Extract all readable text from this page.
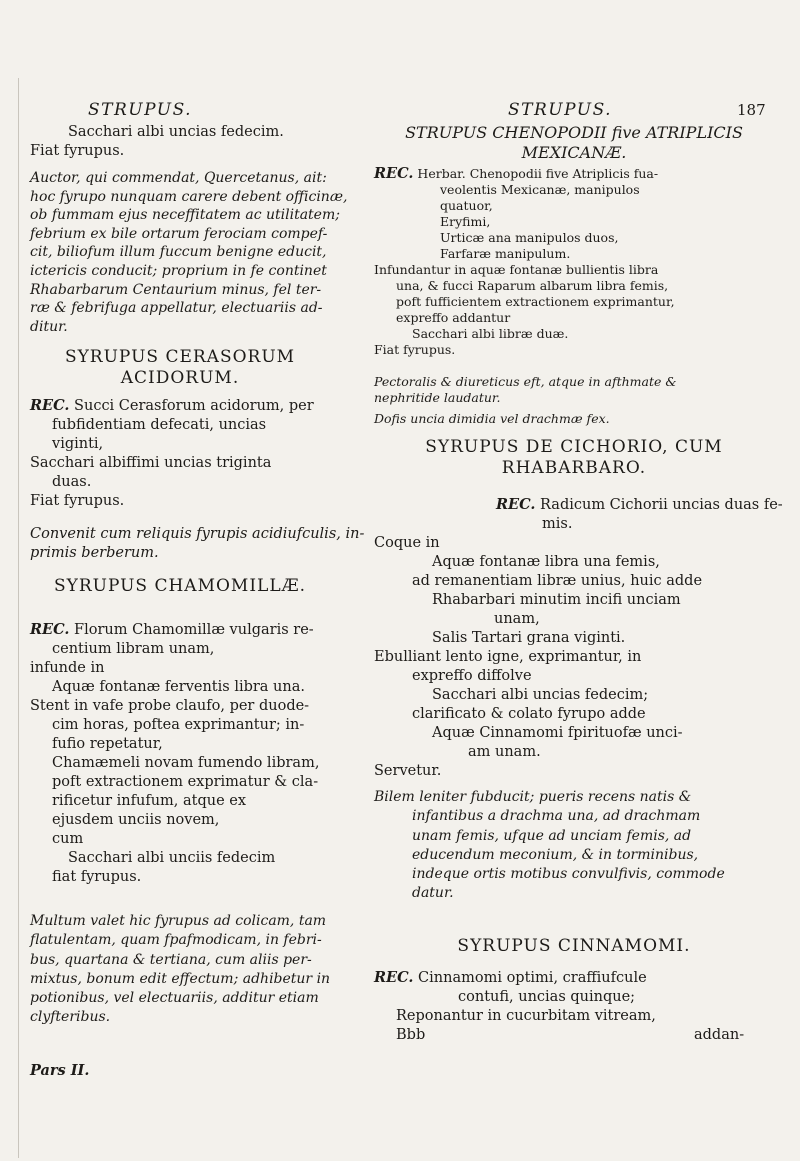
STRUPUS.	STRUPUS.	187
Sacchari albi uncias fedecim.
Fiat fyrupus.
Auctor, qui commendat, Quercetanus, ait:
hoc fyrupo nunquam carere debent officinæ,
ob fummam ejus neceffitatem ac utilitatem;
febrium ex bile ortarum ferociam compef-
cit, biliofum illum fuccum benigne educit,
ictericis conducit; proprium in fe continet
Rhabarbarum Centaurium minus, fel ter-
ræ & febrifuga appellatur, electuariis ad-
ditur.
SYRUPUS CERASORUM
ACIDORUM.
REC. Succi Cerasforum acidorum, per
fubfidentiam defecati, uncias
viginti,
Sacchari albiffimi uncias triginta
duas.
Fiat fyrupus.
Convenit cum reliquis fyrupis acidiufculis, in-
primis berberum.
SYRUPUS CHAMOMILLÆ.
REC. Florum Chamomillæ vulgaris re-
centium libram unam,
infunde in
Aquæ fontanæ ferventis libra una.
Stent in vafe probe claufo, per duode-
cim horas, poftea exprimantur; in-
fufio repetatur,
Chamæmeli novam fumendo libram,
poft extractionem exprimatur & cla-
rificetur infufum, atque ex
ejusdem unciis novem,
cum
Sacchari albi unciis fedecim
fiat fyrupus.
Multum valet hic fyrupus ad colicam, tam
flatulentam, quam fpafmodicam, in febri-
bus, quartana & tertiana, cum aliis per-
mixtus, bonum edit effectum; adhibetur in
potionibus, vel electuariis, additur etiam
clyfteribus.
Pars II.
STRUPUS CHENOPODII five ATRIPLICIS
MEXICANÆ.
REC. Herbar. Chenopodii five Atriplicis fua-
veolentis Mexicanæ, manipulos
quatuor,
Eryfimi,
Urticæ ana manipulos duos,
Farfaræ manipulum.
Infundantur in aquæ fontanæ bullientis libra
una, & fucci Raparum albarum libra femis,
poft fufficientem extractionem exprimantur,
expreffo addantur
Sacchari albi libræ duæ.
Fiat fyrupus.
Pectoralis & diureticus eft, atque in afthmate &
nephritide laudatur.
Dofis uncia dimidia vel drachmæ fex.
SYRUPUS DE CICHORIO, CUM
RHABARBARO.
REC. Radicum Cichorii uncias duas fe-
mis.
Coque in
Aquæ fontanæ libra una femis,
ad remanentiam libræ unius, huic adde
Rhabarbari minutim incifi unciam
unam,
Salis Tartari grana viginti.
Ebulliant lento igne, exprimantur, in
expreffo diffolve
Sacchari albi uncias fedecim;
clarificato & colato fyrupo adde
Aquæ Cinnamomi fpirituofæ unci-
am unam.
Servetur.
Bilem leniter fubducit; pueris recens natis &
infantibus a drachma una, ad drachmam
unam femis, ufque ad unciam femis, ad
educendum meconium, & in torminibus,
indeque ortis motibus convulfivis, commode
datur.
SYRUPUS CINNAMOMI.
REC. Cinnamomi optimi, craffiufcule
contufi, uncias quinque;
Reponantur in cucurbitam vitream,
Bbb	addan-
